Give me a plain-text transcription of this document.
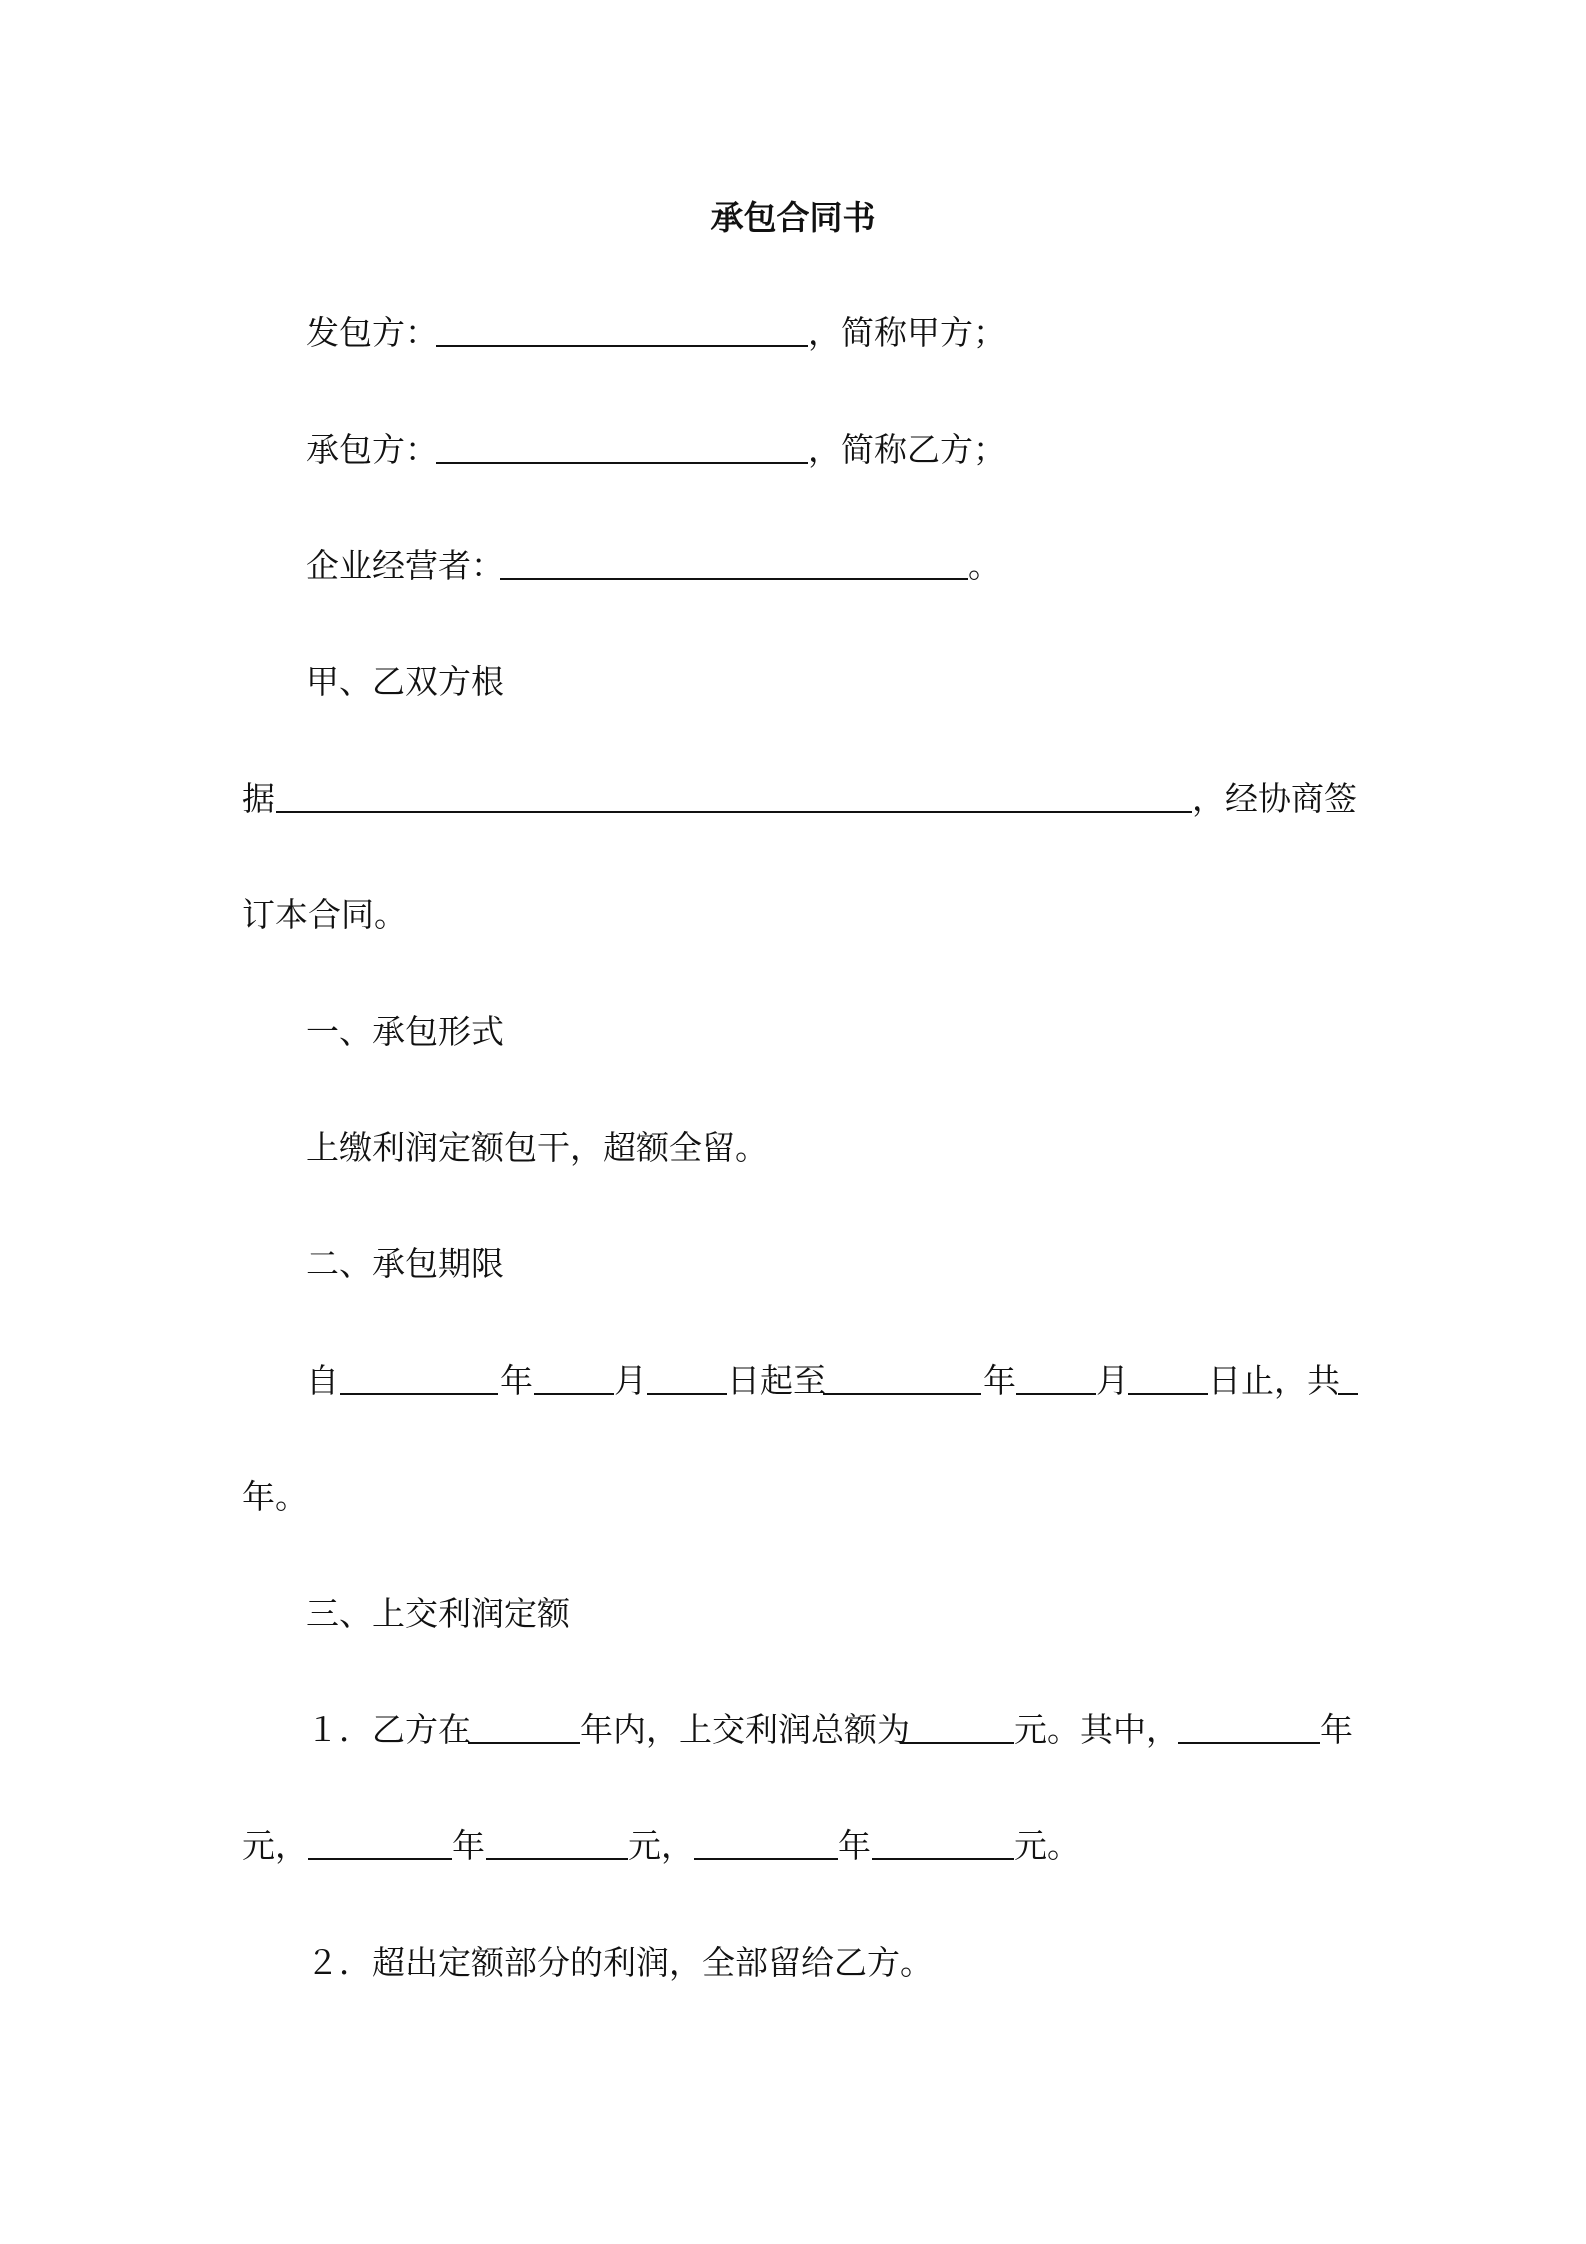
承包合同书
发包方：	，简称甲方；
承包方：	，简称乙方；
企业经营者：	。
甲、乙双方根
据	，经协商签
订本合同。
一、承包形式
上缴利润定额包干，超额全留。
二、承包期限
自	年 月 日起至	年 月 日止，共
年。
三、上交利润定额
１．乙方在	年内，上交利润总额为	元。其中，	年
元，	年	元，	年	元。
２．超出定额部分的利润，全部留给乙方。
